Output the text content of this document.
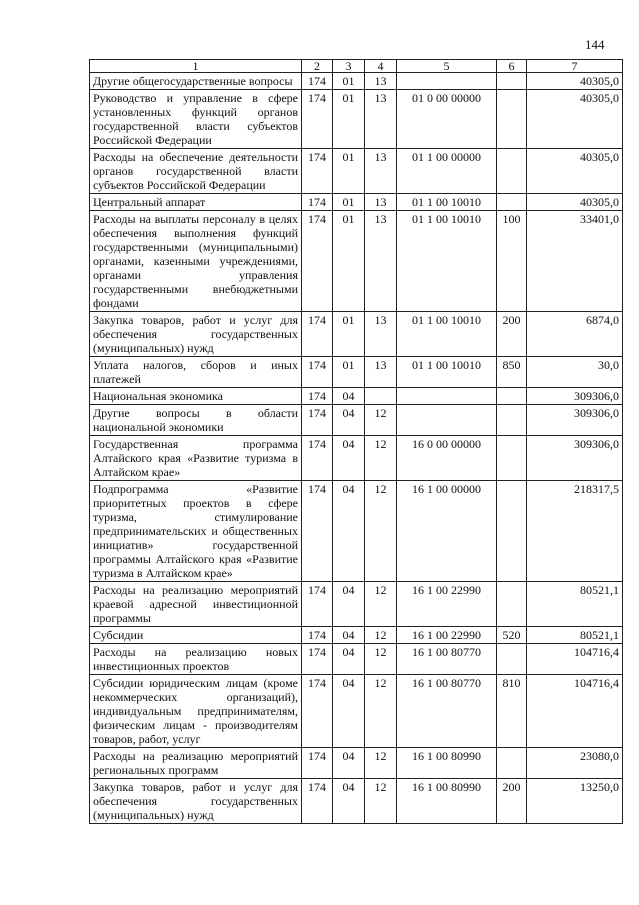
144
1	2	3	4	5	6	7
Другие общегосударственные вопросы	174	01	13			40305,0
Руководство и управление в сфере установленных функций органов государственной власти субъектов Российской Федерации	174	01	13	01 0 00 00000		40305,0
Расходы на обеспечение деятельности органов государственной власти субъектов Российской Федерации	174	01	13	01 1 00 00000		40305,0
Центральный аппарат	174	01	13	01 1 00 10010		40305,0
Расходы на выплаты персоналу в целях обеспечения выполнения функций государственными (муниципальными) органами, казенными учреждениями, органами управления государственными внебюджетными фондами	174	01	13	01 1 00 10010	100	33401,0
Закупка товаров, работ и услуг для обеспечения государственных (муниципальных) нужд	174	01	13	01 1 00 10010	200	6874,0
Уплата налогов, сборов и иных платежей	174	01	13	01 1 00 10010	850	30,0
Национальная экономика	174	04				309306,0
Другие вопросы в области национальной экономики	174	04	12			309306,0
Государственная программа Алтайского края «Развитие туризма в Алтайском крае»	174	04	12	16 0 00 00000		309306,0
Подпрограмма «Развитие приоритетных проектов в сфере туризма, стимулирование предпринимательских и общественных инициатив» государственной программы Алтайского края «Развитие туризма в Алтайском крае»	174	04	12	16 1 00 00000		218317,5
Расходы на реализацию мероприятий краевой адресной инвестиционной программы	174	04	12	16 1 00 22990		80521,1
Субсидии	174	04	12	16 1 00 22990	520	80521,1
Расходы на реализацию новых инвестиционных проектов	174	04	12	16 1 00 80770		104716,4
Субсидии юридическим лицам (кроме некоммерческих организаций), индивидуальным предпринимателям, физическим лицам - производителям товаров, работ, услуг	174	04	12	16 1 00 80770	810	104716,4
Расходы на реализацию мероприятий региональных программ	174	04	12	16 1 00 80990		23080,0
Закупка товаров, работ и услуг для обеспечения государственных (муниципальных) нужд	174	04	12	16 1 00 80990	200	13250,0
